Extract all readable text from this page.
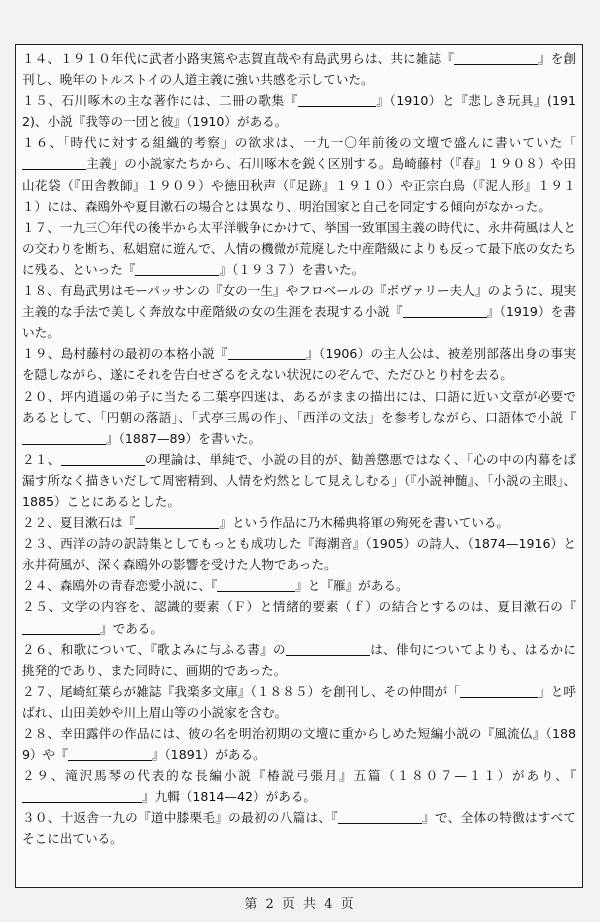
１４、１９１０年代に武者小路実篤や志賀直哉や有島武男らは、共に雑誌『	』を創刊し、晩年のトルストイの人道主義に強い共感を示していた。

１５、石川啄木の主な著作には、二冊の歌集『	』（1910）と『悲しき玩具』(1912)、小説『我等の一団と彼』（1910）がある。

１６、「時代に対する組織的考察」の欲求は、一九一〇年前後の文壇で盛んに書いていた「主義」の小説家たちから、石川啄木を鋭く区別する。島崎藤村（『春』１９０８）や田山花袋（『田舎教師』１９０９）や徳田秋声（『足跡』１９１０）や正宗白鳥（『泥人形』１９１１）には、森鴎外や夏目漱石の場合とは異なり、明治国家と自己を同定する傾向がなかった。

１７、一九三〇年代の後半から太平洋戦争にかけて、挙国一致軍国主義の時代に、永井荷風は人との交わりを断ち、私娼窟に遊んで、人情の機微が荒廃した中産階級によりも反って最下底の女たちに残る、といった『	』（１９３７）を書いた。

１８、有島武男はモーパッサンの『女の一生』やフロベールの『ボヴァリー夫人』のように、現実主義的な手法で美しく奔放な中産階級の女の生涯を表現する小説『	』（1919）を書いた。

１９、島村藤村の最初の本格小説『	』（1906）の主人公は、被差別部落出身の事実を隠しながら、遂にそれを告白せざるをえない状況にのぞんで、ただひとり村を去る。

２０、坪内逍遥の弟子に当たる二葉亭四迷は、あるがままの描出には、口語に近い文章が必要であるとして、「円朝の落語」、「式亭三馬の作」、「西洋の文法」を参考しながら、口語体で小説『』（1887—89）を書いた。

２１、	の理論は、単純で、小説の目的が、勧善懲悪ではなく、「心の中の内幕をば漏す所なく描きいだして周密精到、人情を灼然として見えしむる」（『小説神髄』、「小説の主眼」、1885）ことにあるとした。

２２、夏目漱石は『	』という作品に乃木稀典将軍の殉死を書いている。

２３、西洋の詩の訳詩集としてもっとも成功した『海潮音』（1905）の詩人、（1874—1916）と永井荷風が、深く森鴎外の影響を受けた人物であった。

２４、森鴎外の青春恋愛小説に、『	』と『雁』がある。

２５、文学の内容を、認識的要素（Ｆ）と情緒的要素（ｆ）の結合とするのは、夏目漱石の『』である。

２６、和歌について、『歌よみに与ふる書』の	は、俳句についてよりも、はるかに挑発的であり、また同時に、画期的であった。

２７、尾崎紅葉らが雑誌『我楽多文庫』（１８８５）を創刊し、その仲間が「	」と呼ばれ、山田美妙や川上眉山等の小説家を含む。

２８、幸田露伴の作品には、彼の名を明治初期の文壇に重からしめた短編小説の『風流仏』（1889）や『	』（1891）がある。

２９、滝沢馬琴の代表的な長編小説『椿説弓張月』五篇（１８０７—１１）があり、『』九輯（1814—42）がある。

３０、十返舎一九の『道中膝栗毛』の最初の八篇は、『	』で、全体の特徴はすべてそこに出ている。

第 2 页 共 4 页
